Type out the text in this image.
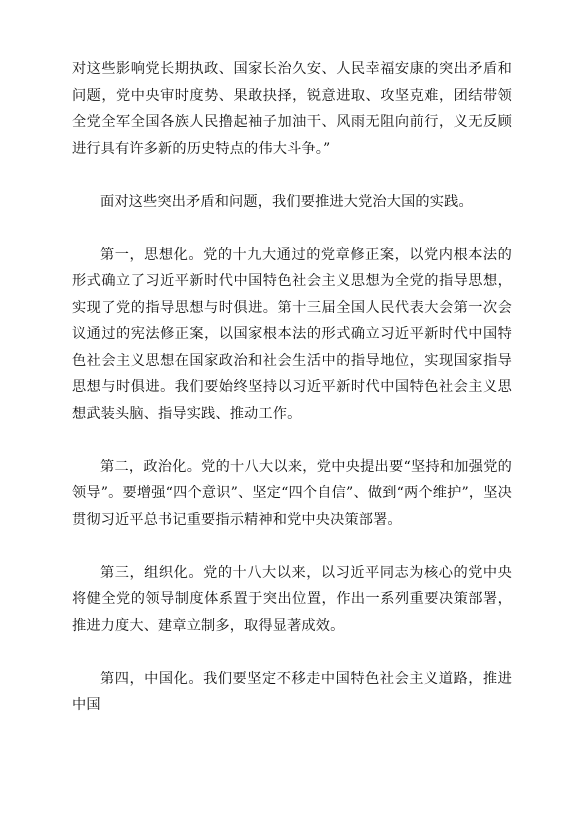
对这些影响党长期执政、国家长治久安、人民幸福安康的突出矛盾和问题，党中央审时度势、果敢抉择，锐意进取、攻坚克难，团结带领全党全军全国各族人民撸起袖子加油干、风雨无阻向前行，义无反顾进行具有许多新的历史特点的伟大斗争。”

面对这些突出矛盾和问题，我们要推进大党治大国的实践。

第一，思想化。党的十九大通过的党章修正案，以党内根本法的形式确立了习近平新时代中国特色社会主义思想为全党的指导思想，实现了党的指导思想与时俱进。第十三届全国人民代表大会第一次会议通过的宪法修正案，以国家根本法的形式确立习近平新时代中国特色社会主义思想在国家政治和社会生活中的指导地位，实现国家指导思想与时俱进。我们要始终坚持以习近平新时代中国特色社会主义思想武装头脑、指导实践、推动工作。

第二，政治化。党的十八大以来，党中央提出要“坚持和加强党的领导”。要增强“四个意识”、坚定“四个自信”、做到“两个维护”，坚决贯彻习近平总书记重要指示精神和党中央决策部署。

第三，组织化。党的十八大以来，以习近平同志为核心的党中央将健全党的领导制度体系置于突出位置，作出一系列重要决策部署，推进力度大、建章立制多，取得显著成效。

第四，中国化。我们要坚定不移走中国特色社会主义道路，推进中国
